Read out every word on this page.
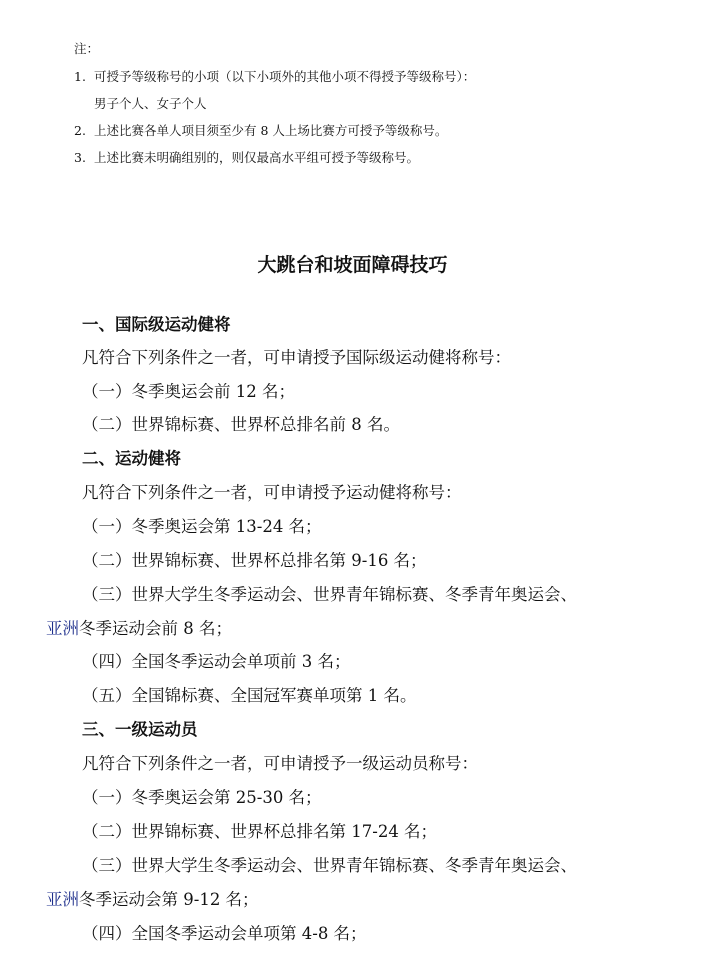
注：
1. 可授予等级称号的小项（以下小项外的其他小项不得授予等级称号）：
男子个人、女子个人
2. 上述比赛各单人项目须至少有 8 人上场比赛方可授予等级称号。
3. 上述比赛未明确组别的，则仅最高水平组可授予等级称号。
大跳台和坡面障碍技巧
一、国际级运动健将
凡符合下列条件之一者，可申请授予国际级运动健将称号：
（一）冬季奥运会前 12 名；
（二）世界锦标赛、世界杯总排名前 8 名。
二、运动健将
凡符合下列条件之一者，可申请授予运动健将称号：
（一）冬季奥运会第 13-24 名；
（二）世界锦标赛、世界杯总排名第 9-16 名；
（三）世界大学生冬季运动会、世界青年锦标赛、冬季青年奥运会、
亚洲冬季运动会前 8 名；
（四）全国冬季运动会单项前 3 名；
（五）全国锦标赛、全国冠军赛单项第 1 名。
三、一级运动员
凡符合下列条件之一者，可申请授予一级运动员称号：
（一）冬季奥运会第 25-30 名；
（二）世界锦标赛、世界杯总排名第 17-24 名；
（三）世界大学生冬季运动会、世界青年锦标赛、冬季青年奥运会、
亚洲冬季运动会第 9-12 名；
（四）全国冬季运动会单项第 4-8 名；
